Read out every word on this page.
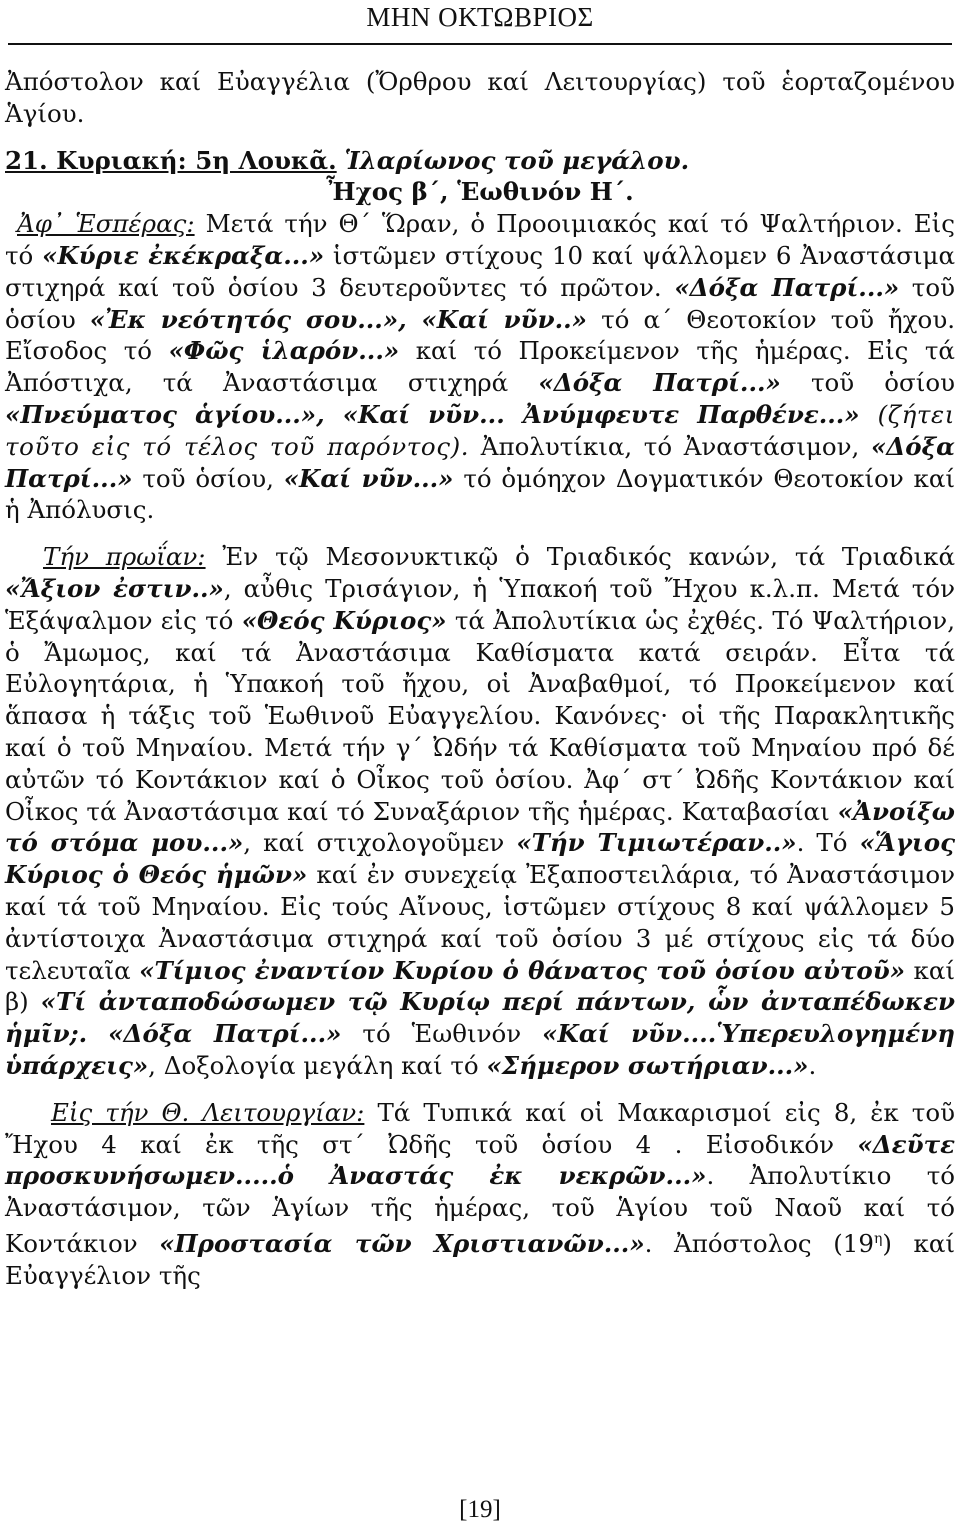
ΜΗΝ ΟΚΤΩΒΡΙΟΣ

Ἀπόστολον καί Εὐαγγέλια (Ὄρθρου καί Λειτουργίας) τοῦ ἑορταζομένου Ἁγίου.

21. Κυριακή: 5η Λουκᾶ. Ἱλαρίωνος τοῦ μεγάλου.

Ἦχος β΄, Ἑωθινόν Η΄.

Ἀφ᾿ Ἑσπέρας: Μετά τήν Θ΄ Ὥραν, ὁ Προοιμιακός καί τό Ψαλτήριον. Εἰς τό «Κύριε ἐκέκραξα...» ἱστῶμεν στίχους 10 καί ψάλλομεν 6 Ἀναστάσιμα στιχηρά καί τοῦ ὁσίου 3 δευτεροῦντες τό πρῶτον. «Δόξα Πατρί...» τοῦ ὁσίου «Ἐκ νεότητός σου...», «Καί νῦν..» τό α΄ Θεοτοκίον τοῦ ἤχου. Εἴσοδος τό «Φῶς ἱλαρόν...» καί τό Προκείμενον τῆς ἡμέρας. Εἰς τά Ἀπόστιχα, τά Ἀναστάσιμα στιχηρά «Δόξα Πατρί...» τοῦ ὁσίου «Πνεύματος ἁγίου...», «Καί νῦν... Ἀνύμφευτε Παρθένε...» (ζήτει τοῦτο εἰς τό τέλος τοῦ παρόντος). Ἀπολυτίκια, τό Ἀναστάσιμον, «Δόξα Πατρί...» τοῦ ὁσίου, «Καί νῦν...» τό ὁμόηχον Δογματικόν Θεοτοκίον καί ἡ Ἀπόλυσις.

Τήν πρωΐαν: Ἐν τῷ Μεσονυκτικῷ ὁ Τριαδικός κανών, τά Τριαδικά «Ἄξιον ἐστιν..», αὖθις Τρισάγιον, ἡ Ὑπακοή τοῦ Ἤχου κ.λ.π. Μετά τόν Ἑξάψαλμον εἰς τό «Θεός Κύριος» τά Ἀπολυτίκια ὡς ἐχθές. Τό Ψαλτήριον, ὁ Ἄμωμος, καί τά Ἀναστάσιμα Καθίσματα κατά σειράν. Εἶτα τά Εὐλογητάρια, ἡ Ὑπακοή τοῦ ἤχου, οἱ Ἀναβαθμοί, τό Προκείμενον καί ἅπασα ἡ τάξις τοῦ Ἑωθινοῦ Εὐαγγελίου. Κανόνες· οἱ τῆς Παρακλητικῆς καί ὁ τοῦ Μηναίου. Μετά τήν γ΄ Ὠδήν τά Καθίσματα τοῦ Μηναίου πρό δέ αὐτῶν τό Κοντάκιον καί ὁ Οἶκος τοῦ ὁσίου. Ἀφ΄ στ΄ Ὠδῆς Κοντάκιον καί Οἶκος τά Ἀναστάσιμα καί τό Συναξάριον τῆς ἡμέρας. Καταβασίαι «Ἀνοίξω τό στόμα μου...», καί στιχολογοῦμεν «Τήν Τιμιωτέραν..». Τό «Ἅγιος Κύριος ὁ Θεός ἡμῶν» καί ἐν συνεχείᾳ Ἐξαποστειλάρια, τό Ἀναστάσιμον καί τά τοῦ Μηναίου. Εἰς τούς Αἴνους, ἱστῶμεν στίχους 8 καί ψάλλομεν 5 ἀντίστοιχα Ἀναστάσιμα στιχηρά καί τοῦ ὁσίου 3 μέ στίχους εἰς τά δύο τελευταῖα «Τίμιος ἐναντίον Κυρίου ὁ θάνατος τοῦ ὁσίου αὐτοῦ» καί β) «Τί ἀνταποδώσωμεν τῷ Κυρίῳ περί πάντων, ὧν ἀνταπέδωκεν ἡμῖν;. «Δόξα Πατρί...» τό Ἑωθινόν «Καί νῦν....Ὑπερευλογημένη ὑπάρχεις», Δοξολογία μεγάλη καί τό «Σήμερον σωτήριαν...».

Εἰς τήν Θ. Λειτουργίαν: Τά Τυπικά καί οἱ Μακαρισμοί εἰς 8, ἐκ τοῦ Ἤχου 4 καί ἐκ τῆς στ΄ Ὠδῆς τοῦ ὁσίου 4 . Εἰσοδικόν «Δεῦτε προσκυνήσωμεν.....ὁ Ἀναστάς ἐκ νεκρῶν...». Ἀπολυτίκιο τό Ἀναστάσιμον, τῶν Ἁγίων τῆς ἡμέρας, τοῦ Ἁγίου τοῦ Ναοῦ καί τό Κοντάκιον «Προστασία τῶν Χριστιανῶν...». Ἀπόστολος $(19^\eta)$ καί Εὐαγγέλιον τῆς

[19]
